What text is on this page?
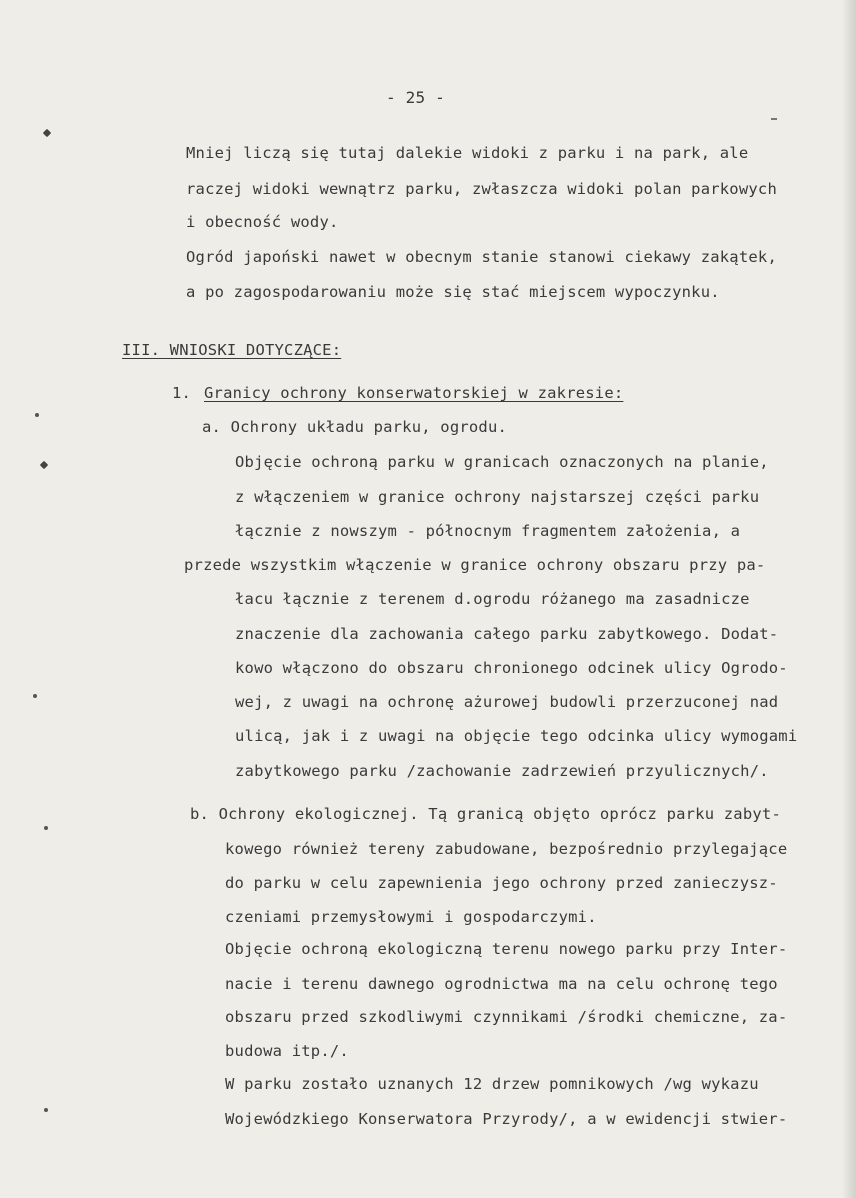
- 25 -
Mniej liczą się tutaj dalekie widoki z parku i na park, ale
raczej widoki wewnątrz parku, zwłaszcza widoki polan parkowych
i obecność wody.
Ogród japoński nawet w obecnym stanie stanowi ciekawy zakątek,
a po zagospodarowaniu może się stać miejscem wypoczynku.
III. WNIOSKI DOTYCZĄCE:
1. Granicy ochrony konserwatorskiej w zakresie:
a. Ochrony układu parku, ogrodu.
Objęcie ochroną parku w granicach oznaczonych na planie,
z włączeniem w granice ochrony najstarszej części parku
łącznie z nowszym - północnym fragmentem założenia, a
przede wszystkim włączenie w granice ochrony obszaru przy pa-
łacu łącznie z terenem d.ogrodu różanego ma zasadnicze
znaczenie dla zachowania całego parku zabytkowego. Dodat-
kowo włączono do obszaru chronionego odcinek ulicy Ogrodo-
wej, z uwagi na ochronę ażurowej budowli przerzuconej nad
ulicą, jak i z uwagi na objęcie tego odcinka ulicy wymogami
zabytkowego parku /zachowanie zadrzewień przyulicznych/.
b. Ochrony ekologicznej. Tą granicą objęto oprócz parku zabyt-
kowego również tereny zabudowane, bezpośrednio przylegające
do parku w celu zapewnienia jego ochrony przed zanieczysz-
czeniami przemysłowymi i gospodarczymi.
Objęcie ochroną ekologiczną terenu nowego parku przy Inter-
nacie i terenu dawnego ogrodnictwa ma na celu ochronę tego
obszaru przed szkodliwymi czynnikami /środki chemiczne, za-
budowa itp./.
W parku zostało uznanych 12 drzew pomnikowych /wg wykazu
Wojewódzkiego Konserwatora Przyrody/, a w ewidencji stwier-
